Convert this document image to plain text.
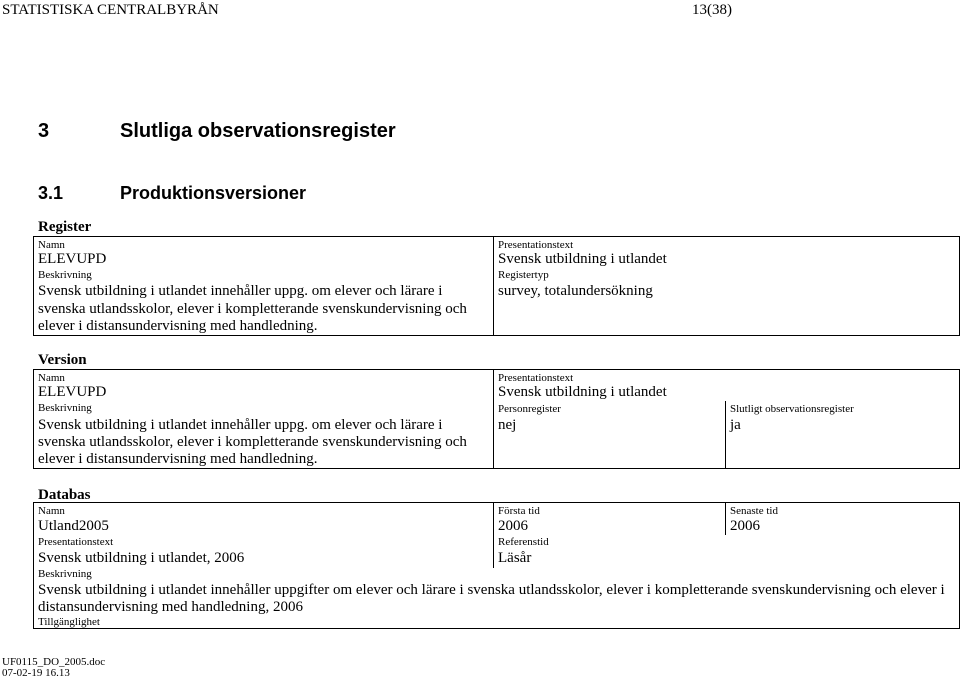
STATISTISKA CENTRALBYRÅN	13(38)
3	Slutliga observationsregister
3.1	Produktionsversioner
Register
Namn
ELEVUPD
Beskrivning
Svensk utbildning i utlandet innehåller uppg. om elever och lärare i
svenska utlandsskolor, elever i kompletterande svenskundervisning och
elever i distansundervisning med handledning.
Presentationstext
Svensk utbildning i utlandet
Registertyp
survey, totalundersökning
Version
Namn
ELEVUPD
Beskrivning
Svensk utbildning i utlandet innehåller uppg. om elever och lärare i
svenska utlandsskolor, elever i kompletterande svenskundervisning och
elever i distansundervisning med handledning.
Presentationstext
Svensk utbildning i utlandet
Personregister
nej
Slutligt observationsregister
ja
Databas
Namn
Utland2005
Första tid
2006
Senaste tid
2006
Presentationstext
Svensk utbildning i utlandet, 2006
Referenstid
Läsår
Beskrivning
Svensk utbildning i utlandet innehåller uppgifter om elever och lärare i svenska utlandsskolor, elever i kompletterande svenskundervisning och elever i
distansundervisning med handledning, 2006
Tillgänglighet
UF0115_DO_2005.doc
07-02-19 16.13
